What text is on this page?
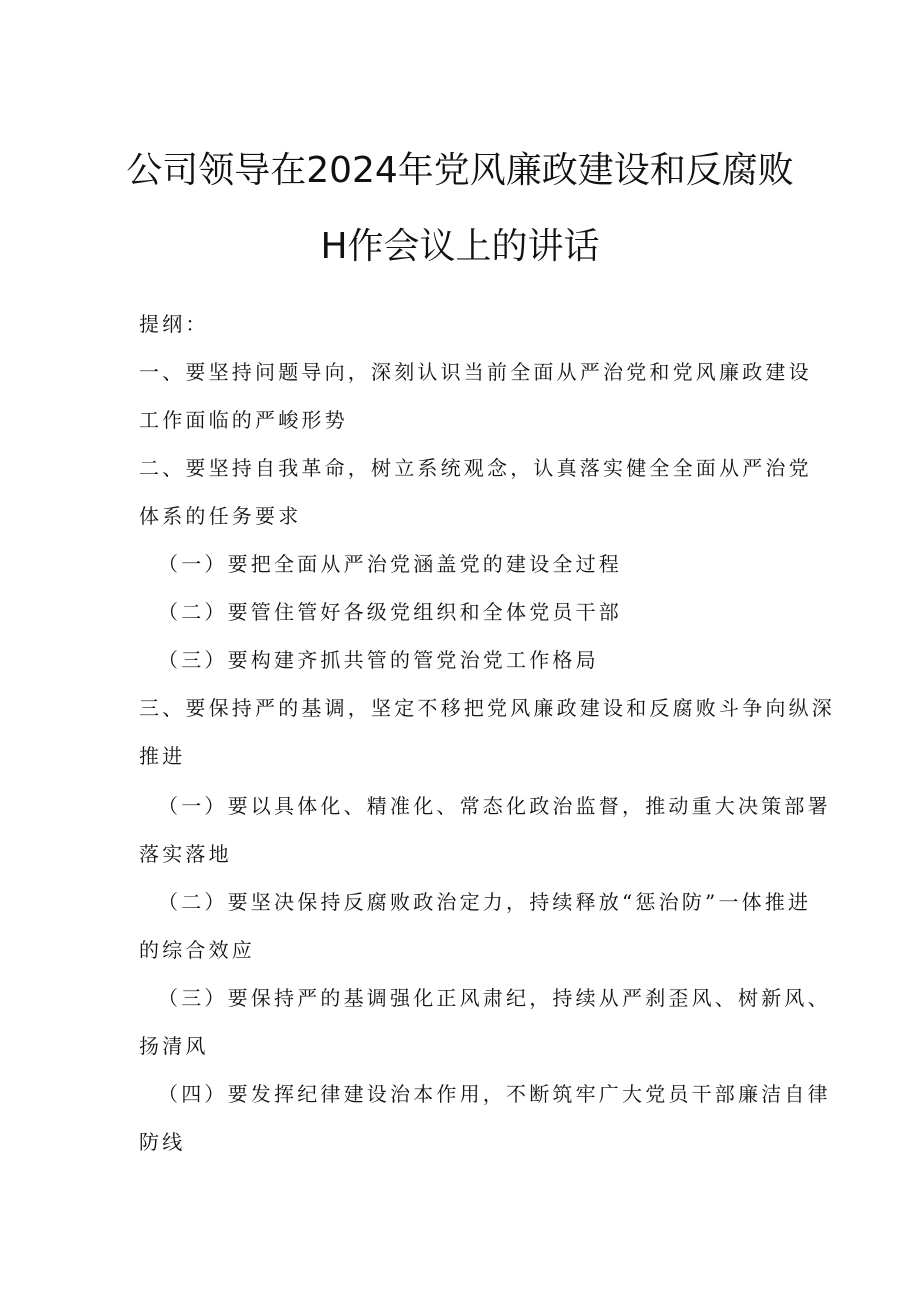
公司领导在2024年党风廉政建设和反腐败
H作会议上的讲话

提纲：

一、要坚持问题导向，深刻认识当前全面从严治党和党风廉政建设

工作面临的严峻形势

二、要坚持自我革命，树立系统观念，认真落实健全全面从严治党

体系的任务要求

（一）要把全面从严治党涵盖党的建设全过程

（二）要管住管好各级党组织和全体党员干部

（三）要构建齐抓共管的管党治党工作格局

三、要保持严的基调，坚定不移把党风廉政建设和反腐败斗争向纵深

推进

（一）要以具体化、精准化、常态化政治监督，推动重大决策部署

落实落地

（二）要坚决保持反腐败政治定力，持续释放“惩治防”一体推进

的综合效应

（三）要保持严的基调强化正风肃纪，持续从严刹歪风、树新风、

扬清风

（四）要发挥纪律建设治本作用，不断筑牢广大党员干部廉洁自律

防线
